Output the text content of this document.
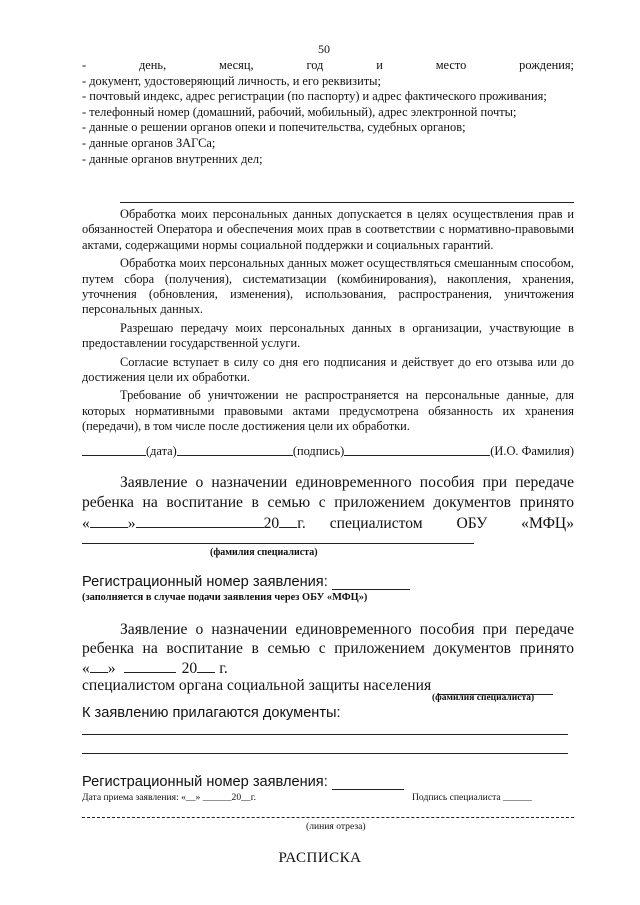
50
- день, месяц, год и место рождения;
- документ, удостоверяющий личность, и его реквизиты;
- почтовый индекс, адрес регистрации (по паспорту) и адрес фактического проживания;
- телефонный номер (домашний, рабочий, мобильный), адрес электронной почты;
- данные о решении органов опеки и попечительства, судебных органов;
- данные органов ЗАГСа;
- данные органов внутренних дел;

Обработка моих персональных данных допускается в целях осуществления прав и обязанностей Оператора и обеспечения моих прав в соответствии с нормативно-правовыми актами, содержащими нормы социальной поддержки и социальных гарантий.

Обработка моих персональных данных может осуществляться смешанным способом, путем сбора (получения), систематизации (комбинирования), накопления, хранения, уточнения (обновления, изменения), использования, распространения, уничтожения персональных данных.

Разрешаю передачу моих персональных данных в организации, участвующие в предоставлении государственной услуги.

Согласие вступает в силу со дня его подписания и действует до его отзыва или до достижения цели их обработки.

Требование об уничтожении не распространяется на персональные данные, для которых нормативными правовыми актами предусмотрена обязанность их хранения (передачи), в том числе после достижения цели их обработки.

(дата)	(подпись)	(И.О. Фамилия)
Заявление о назначении единовременного пособия при передаче
ребенка на воспитание в семью с приложением документов принято
« »	20 г. специалистом ОБУ «МФЦ»
(фамилия специалиста)
Регистрационный номер заявления:
(заполняется в случае подачи заявления через ОБУ «МФЦ»)
Заявление о назначении единовременного пособия при передаче
ребенка на воспитание в семью с приложением документов принято
« »	20 г.
специалистом органа социальной защиты населения
(фамилия специалиста)
К заявлению прилагаются документы:
Регистрационный номер заявления:
Дата приема заявления: «__» ______20__г.	Подпись специалиста ______
(линия отреза)
РАСПИСКА
